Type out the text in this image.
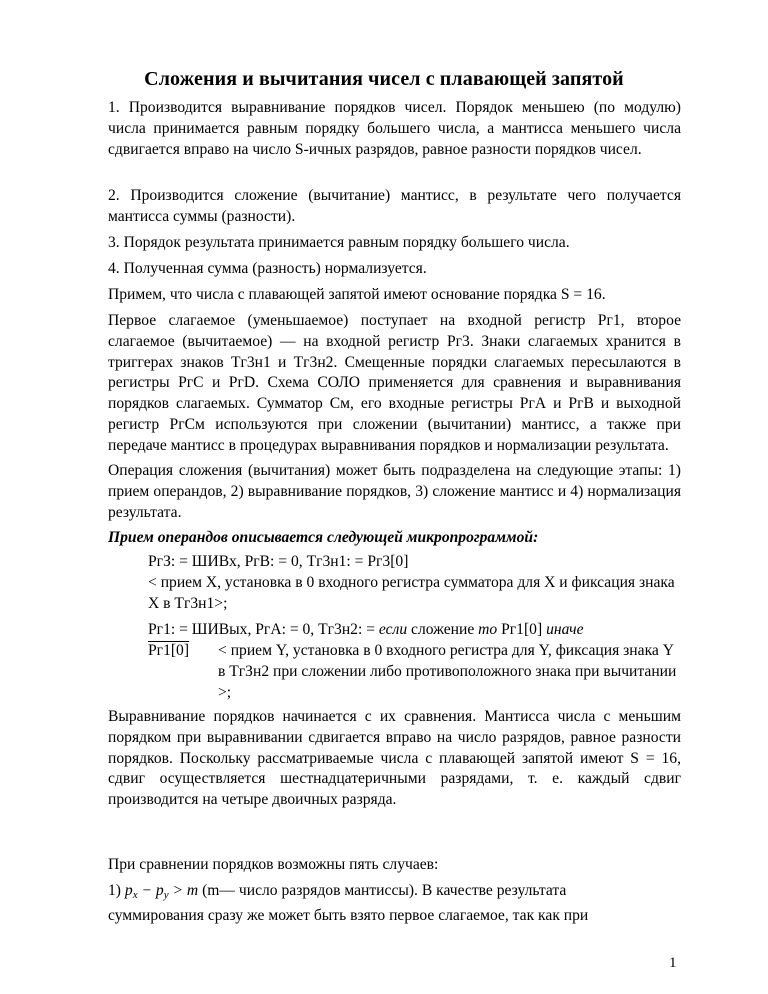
Сложения и вычитания чисел с плавающей запятой
1. Производится выравнивание порядков чисел. Порядок меньшею (по модулю) числа принимается равным порядку большего числа, а мантисса меньшего числа сдвигается вправо на число S-ичных разрядов, равное разности порядков чисел.
2. Производится сложение (вычитание) мантисс, в результате чего получается мантисса суммы (разности).
3. Порядок результата принимается равным порядку большего числа.
4. Полученная сумма (разность) нормализуется.
Примем, что числа с плавающей запятой имеют основание порядка S = 16.
Первое слагаемое (уменьшаемое) поступает на входной регистр Рг1, второе слагаемое (вычитаемое) — на входной регистр Рг3. Знаки слагаемых хранится в триггерах знаков Тг3н1 и Тг3н2. Смещенные порядки слагаемых пересылаются в регистры РгС и РгD. Схема СОЛО применяется для сравнения и выравнивания порядков слагаемых. Сумматор См, его входные регистры РгА и РгВ и выходной регистр РгСм используются при сложении (вычитании) мантисс, а также при передаче мантисс в процедурах выравнивания порядков и нормализации результата.
Операция сложения (вычитания) может быть подразделена на следующие этапы: 1) прием операндов, 2) выравнивание порядков, 3) сложение мантисс и 4) нормализация результата.
Прием операндов описывается следующей микропрограммой:
РгЗ: = ШИВх, РгВ: = 0, Тг3н1: = Рг3[0]
< прием X, установка в 0 входного регистра сумматора для X и фиксация знака X в Тг3н1>;
Рг1: = ШИВых, РгА: = 0, Тг3н2: = если сложение то Рг1[0] иначе
Рг1[0]	< прием Y, установка в 0 входного регистра для Y, фиксация знака Y в ТгЗн2 при сложении либо противоположного знака при вычитании >;
Выравнивание порядков начинается с их сравнения. Мантисса числа с меньшим порядком при выравнивании сдвигается вправо на число разрядов, равное разности порядков. Поскольку рассматриваемые числа с плавающей запятой имеют S = 16, сдвиг осуществляется шестнадцатеричными разрядами, т. е. каждый сдвиг производится на четыре двоичных разряда.
При сравнении порядков возможны пять случаев:
1) $p_x - p_y > m$ (m— число разрядов мантиссы). В качестве результата
суммирования сразу же может быть взято первое слагаемое, так как при
1
